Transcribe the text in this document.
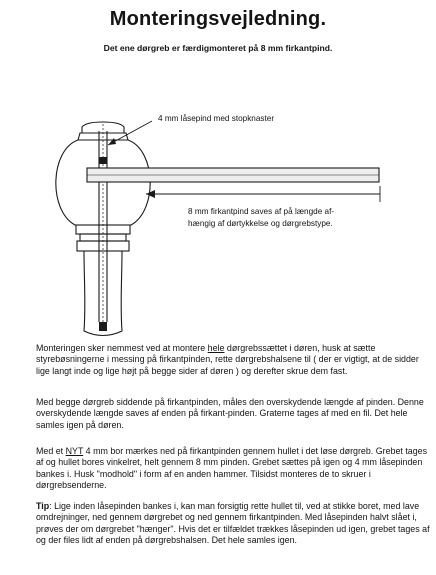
Monteringsvejledning.
Det ene dørgreb er færdigmonteret på 8 mm firkantpind.
4 mm låsepind med stopknaster
8 mm firkantpind saves af på længde af-
hængig af dørtykkelse og dørgrebstype.

Monteringen sker nemmest ved at montere hele dørgrebssættet i døren, husk at sætte styrebøsningerne i messing på firkantpinden, rette dørgrebshalsene til ( der er vigtigt, at de sidder lige langt inde og lige højt på begge sider af døren ) og derefter skrue dem fast.

Med begge dørgreb siddende på firkantpinden, måles den overskydende længde af pinden. Denne overskydende længde saves af enden på firkant-pinden. Graterne tages af med en fil. Det hele samles igen på døren.

Med et NYT 4 mm bor mærkes ned på firkantpinden gennem hullet i det løse dørgreb. Grebet tages af og hullet bores vinkelret, helt gennem 8 mm pinden. Grebet sættes på igen og 4 mm låsepinden bankes i. Husk "modhold" i form af en anden hammer. Tilsidst monteres de to skruer i dørgrebsenderne.

Tip: Lige inden låsepinden bankes i, kan man forsigtig rette hullet til, ved at stikke boret, med lave omdrejninger, ned gennem dørgrebet og ned gennem firkantpinden. Med låsepinden halvt slået i, prøves der om dørgrebet "hænger". Hvis det er tilfældet trækkes låsepinden ud igen, grebet tages af og der files lidt af enden på dørgrebshalsen. Det hele samles igen.
